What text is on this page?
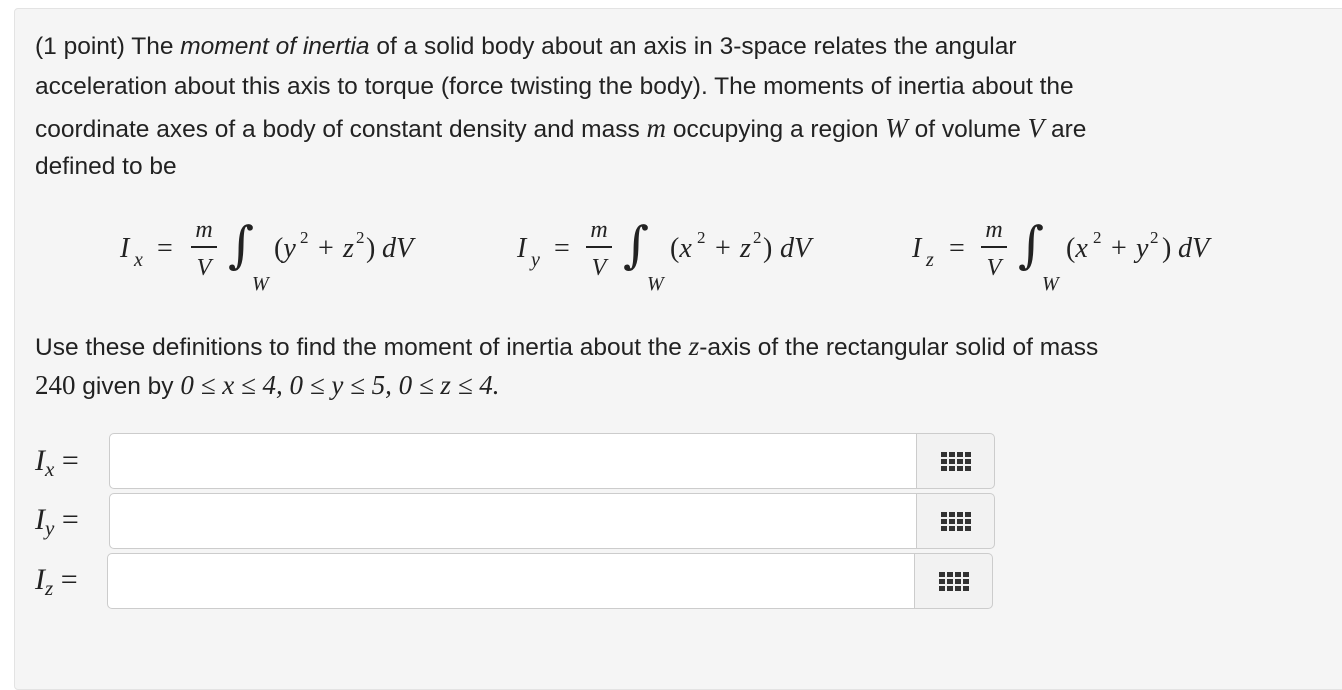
(1 point) The moment of inertia of a solid body about an axis in 3-space relates the angular
acceleration about this axis to torque (force twisting the body). The moments of inertia about the
coordinate axes of a body of constant density and mass m occupying a region W of volume V are
defined to be
I x =
m
V ∫
W
(y 2 + z 2 ) dV	I y =
m
V ∫
W
(x 2 + z 2 ) dV	I z =
m
V ∫
W
(x 2 + y 2 ) dV
Use these definitions to find the moment of inertia about the z-axis of the rectangular solid of mass
240 given by 0 ≤ x ≤ 4, 0 ≤ y ≤ 5, 0 ≤ z ≤ 4.
$I_x$ =
$I_y$ =
$I_z$ =
